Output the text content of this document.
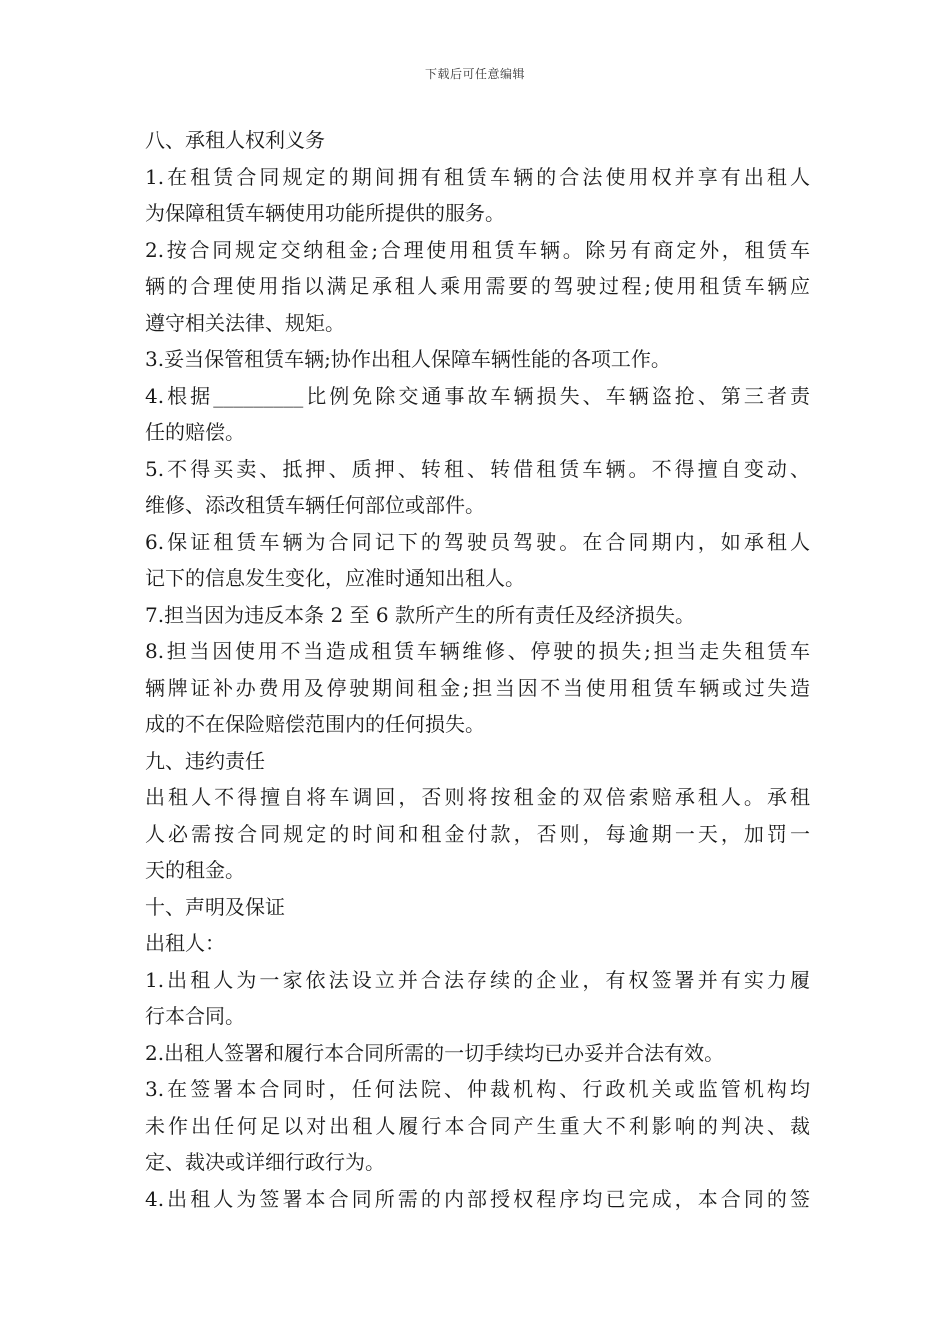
下载后可任意编辑
八、承租人权利义务
1.在租赁合同规定的期间拥有租赁车辆的合法使用权并享有出租人
为保障租赁车辆使用功能所提供的服务。
2.按合同规定交纳租金;合理使用租赁车辆。除另有商定外，租赁车
辆的合理使用指以满足承租人乘用需要的驾驶过程;使用租赁车辆应
遵守相关法律、规矩。
3.妥当保管租赁车辆;协作出租人保障车辆性能的各项工作。
4.根据_________比例免除交通事故车辆损失、车辆盗抢、第三者责
任的赔偿。
5.不得买卖、抵押、质押、转租、转借租赁车辆。不得擅自变动、
维修、添改租赁车辆任何部位或部件。
6.保证租赁车辆为合同记下的驾驶员驾驶。在合同期内，如承租人
记下的信息发生变化，应准时通知出租人。
7.担当因为违反本条 2 至 6 款所产生的所有责任及经济损失。
8.担当因使用不当造成租赁车辆维修、停驶的损失;担当走失租赁车
辆牌证补办费用及停驶期间租金;担当因不当使用租赁车辆或过失造
成的不在保险赔偿范围内的任何损失。
九、违约责任
出租人不得擅自将车调回，否则将按租金的双倍索赔承租人。承租
人必需按合同规定的时间和租金付款，否则，每逾期一天，加罚一
天的租金。
十、声明及保证
出租人：
1.出租人为一家依法设立并合法存续的企业，有权签署并有实力履
行本合同。
2.出租人签署和履行本合同所需的一切手续均已办妥并合法有效。
3.在签署本合同时，任何法院、仲裁机构、行政机关或监管机构均
未作出任何足以对出租人履行本合同产生重大不利影响的判决、裁
定、裁决或详细行政行为。
4.出租人为签署本合同所需的内部授权程序均已完成，本合同的签
